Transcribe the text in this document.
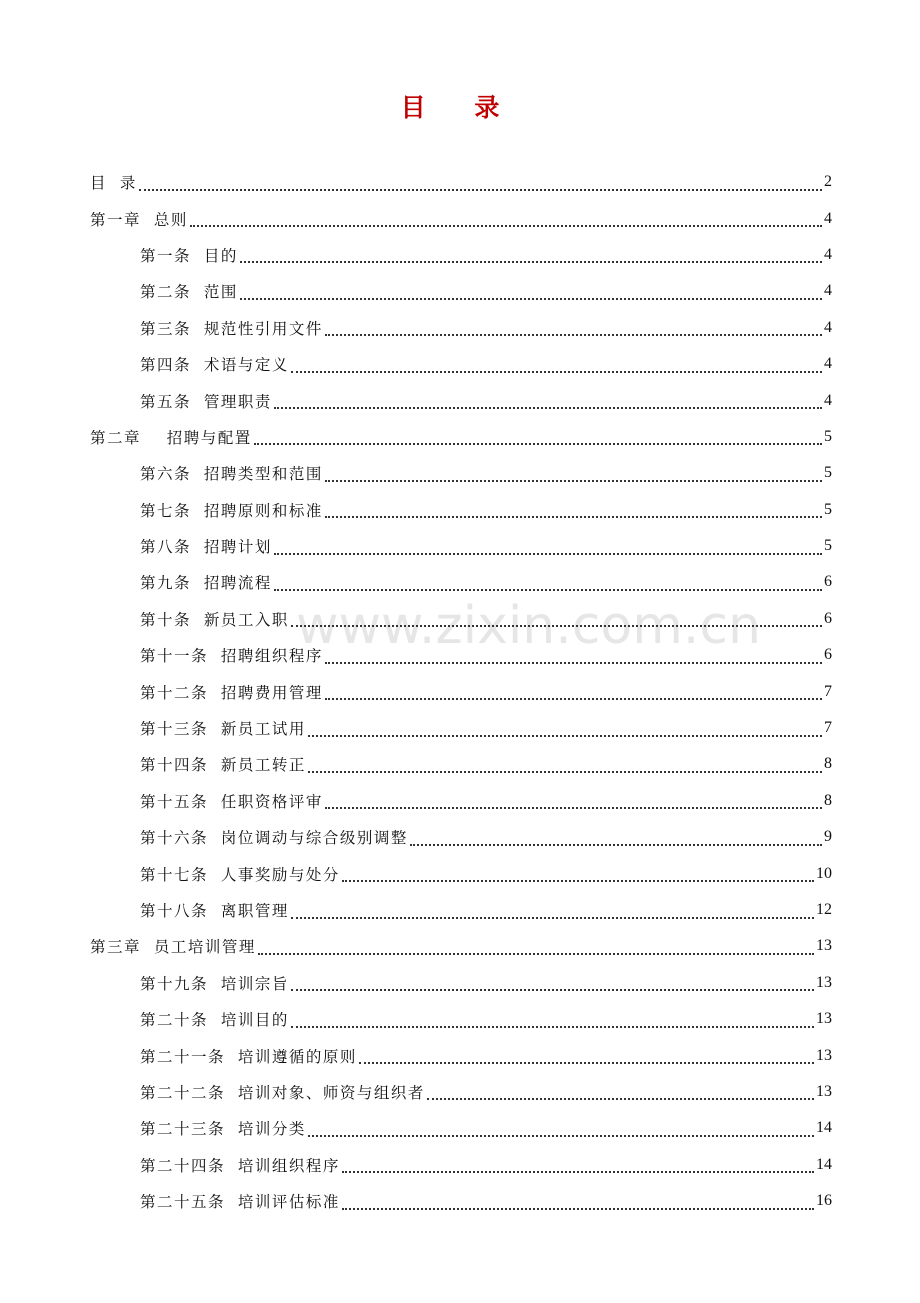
目 录
www.zixin.com.cn
目  录	2
第一章  总则	4
第一条  目的	4
第二条  范围	4
第三条  规范性引用文件	4
第四条  术语与定义	4
第五条  管理职责	4
第二章    招聘与配置	5
第六条  招聘类型和范围	5
第七条  招聘原则和标准	5
第八条  招聘计划	5
第九条  招聘流程	6
第十条  新员工入职	6
第十一条  招聘组织程序	6
第十二条  招聘费用管理	7
第十三条  新员工试用	7
第十四条  新员工转正	8
第十五条  任职资格评审	8
第十六条  岗位调动与综合级别调整	9
第十七条  人事奖励与处分	10
第十八条  离职管理	12
第三章  员工培训管理	13
第十九条  培训宗旨	13
第二十条  培训目的	13
第二十一条  培训遵循的原则	13
第二十二条  培训对象、师资与组织者	13
第二十三条  培训分类	14
第二十四条  培训组织程序	14
第二十五条  培训评估标准	16
